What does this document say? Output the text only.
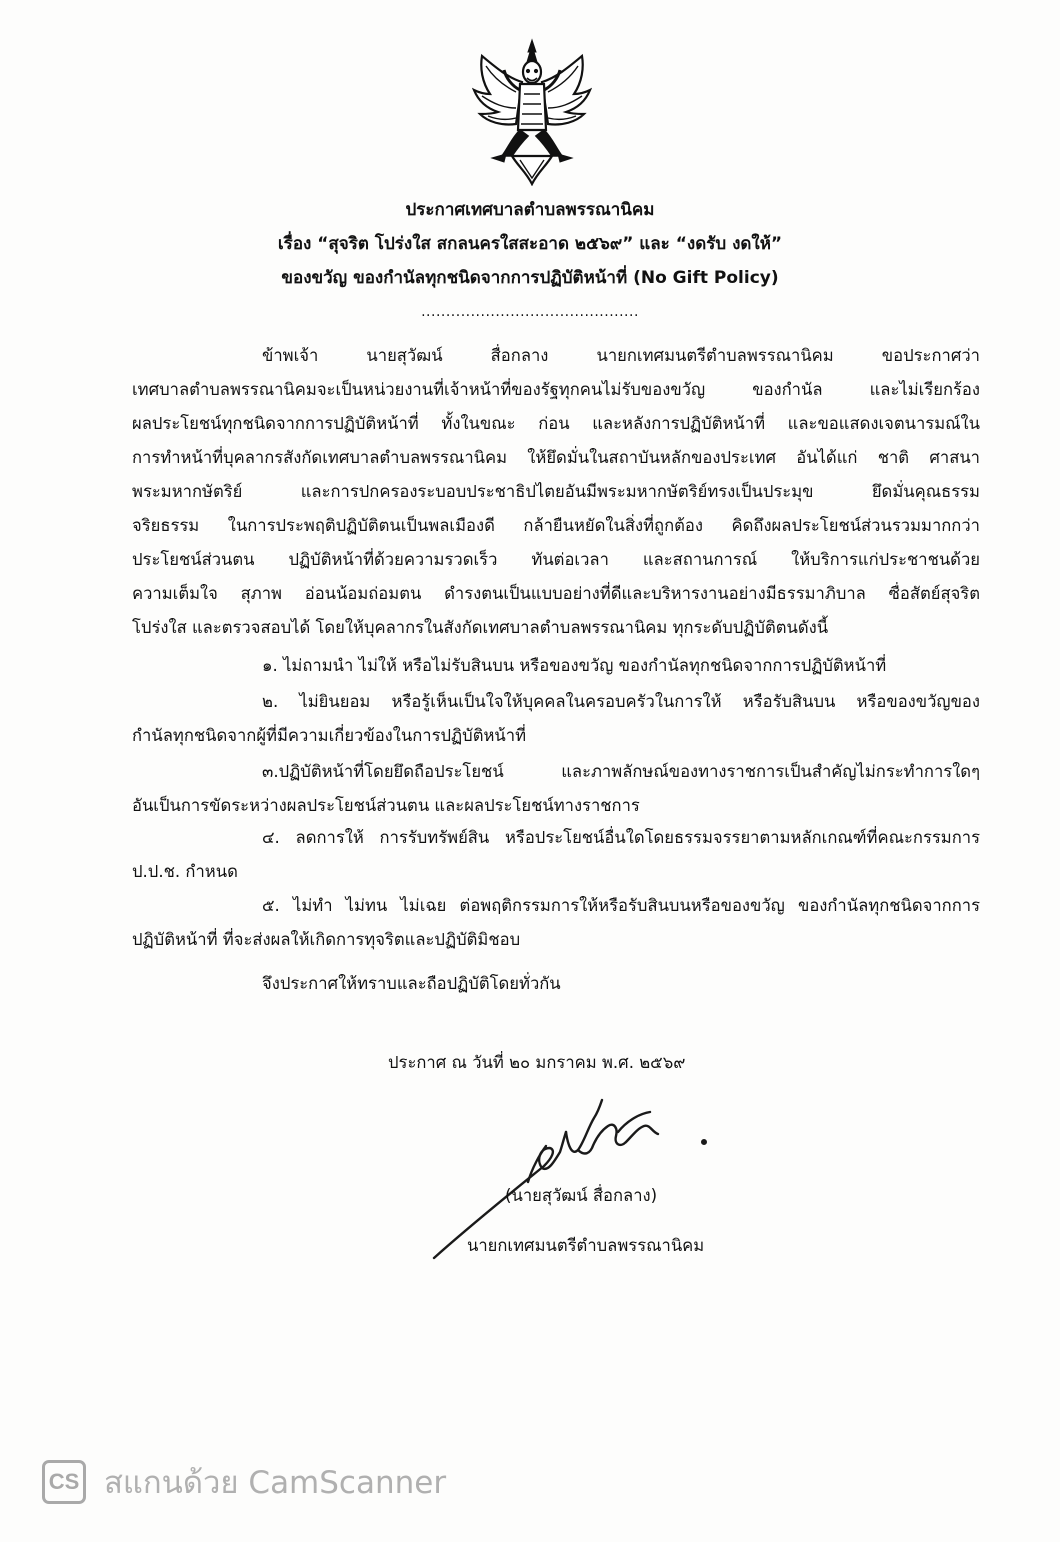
ประกาศเทศบาลตำบลพรรณานิคม
เรื่อง “สุจริต โปร่งใส สกลนครใสสะอาด ๒๕๖๙” และ “งดรับ งดให้”
ของขวัญ ของกำนัลทุกชนิดจากการปฏิบัติหน้าที่ (No Gift Policy)
............................................
ข้าพเจ้า นายสุวัฒน์ สื่อกลาง นายกเทศมนตรีตำบลพรรณานิคม ขอประกาศว่า
เทศบาลตำบลพรรณานิคมจะเป็นหน่วยงานที่เจ้าหน้าที่ของรัฐทุกคนไม่รับของขวัญ ของกำนัล และไม่เรียกร้อง
ผลประโยชน์ทุกชนิดจากการปฏิบัติหน้าที่ ทั้งในขณะ ก่อน และหลังการปฏิบัติหน้าที่ และขอแสดงเจตนารมณ์ใน
การทำหน้าที่บุคลากรสังกัดเทศบาลตำบลพรรณานิคม ให้ยึดมั่นในสถาบันหลักของประเทศ อันได้แก่ ชาติ ศาสนา
พระมหากษัตริย์ และการปกครองระบอบประชาธิปไตยอันมีพระมหากษัตริย์ทรงเป็นประมุข ยึดมั่นคุณธรรม
จริยธรรม ในการประพฤติปฏิบัติตนเป็นพลเมืองดี กล้ายืนหยัดในสิ่งที่ถูกต้อง คิดถึงผลประโยชน์ส่วนรวมมากกว่า
ประโยชน์ส่วนตน ปฏิบัติหน้าที่ด้วยความรวดเร็ว ทันต่อเวลา และสถานการณ์ ให้บริการแก่ประชาชนด้วย
ความเต็มใจ สุภาพ อ่อนน้อมถ่อมตน ดำรงตนเป็นแบบอย่างที่ดีและบริหารงานอย่างมีธรรมาภิบาล ซื่อสัตย์สุจริต
โปร่งใส และตรวจสอบได้ โดยให้บุคลากรในสังกัดเทศบาลตำบลพรรณานิคม ทุกระดับปฏิบัติตนดังนี้
๑. ไม่ถามนำ ไม่ให้ หรือไม่รับสินบน หรือของขวัญ ของกำนัลทุกชนิดจากการปฏิบัติหน้าที่
๒. ไม่ยินยอม หรือรู้เห็นเป็นใจให้บุคคลในครอบครัวในการให้ หรือรับสินบน หรือของขวัญของ
กำนัลทุกชนิดจากผู้ที่มีความเกี่ยวข้องในการปฏิบัติหน้าที่
๓.ปฏิบัติหน้าที่โดยยึดถือประโยชน์ และภาพลักษณ์ของทางราชการเป็นสำคัญไม่กระทำการใดๆ
อันเป็นการขัดระหว่างผลประโยชน์ส่วนตน และผลประโยชน์ทางราชการ
๔. ลดการให้ การรับทรัพย์สิน หรือประโยชน์อื่นใดโดยธรรมจรรยาตามหลักเกณฑ์ที่คณะกรรมการ
ป.ป.ช. กำหนด
๕. ไม่ทำ ไม่ทน ไม่เฉย ต่อพฤติกรรมการให้หรือรับสินบนหรือของขวัญ ของกำนัลทุกชนิดจากการ
ปฏิบัติหน้าที่ ที่จะส่งผลให้เกิดการทุจริตและปฏิบัติมิชอบ
จึงประกาศให้ทราบและถือปฏิบัติโดยทั่วกัน
ประกาศ ณ วันที่ ๒๐ มกราคม พ.ศ. ๒๕๖๙
(นายสุวัฒน์ สื่อกลาง)
นายกเทศมนตรีตำบลพรรณานิคม
CS สแกนด้วย CamScanner
